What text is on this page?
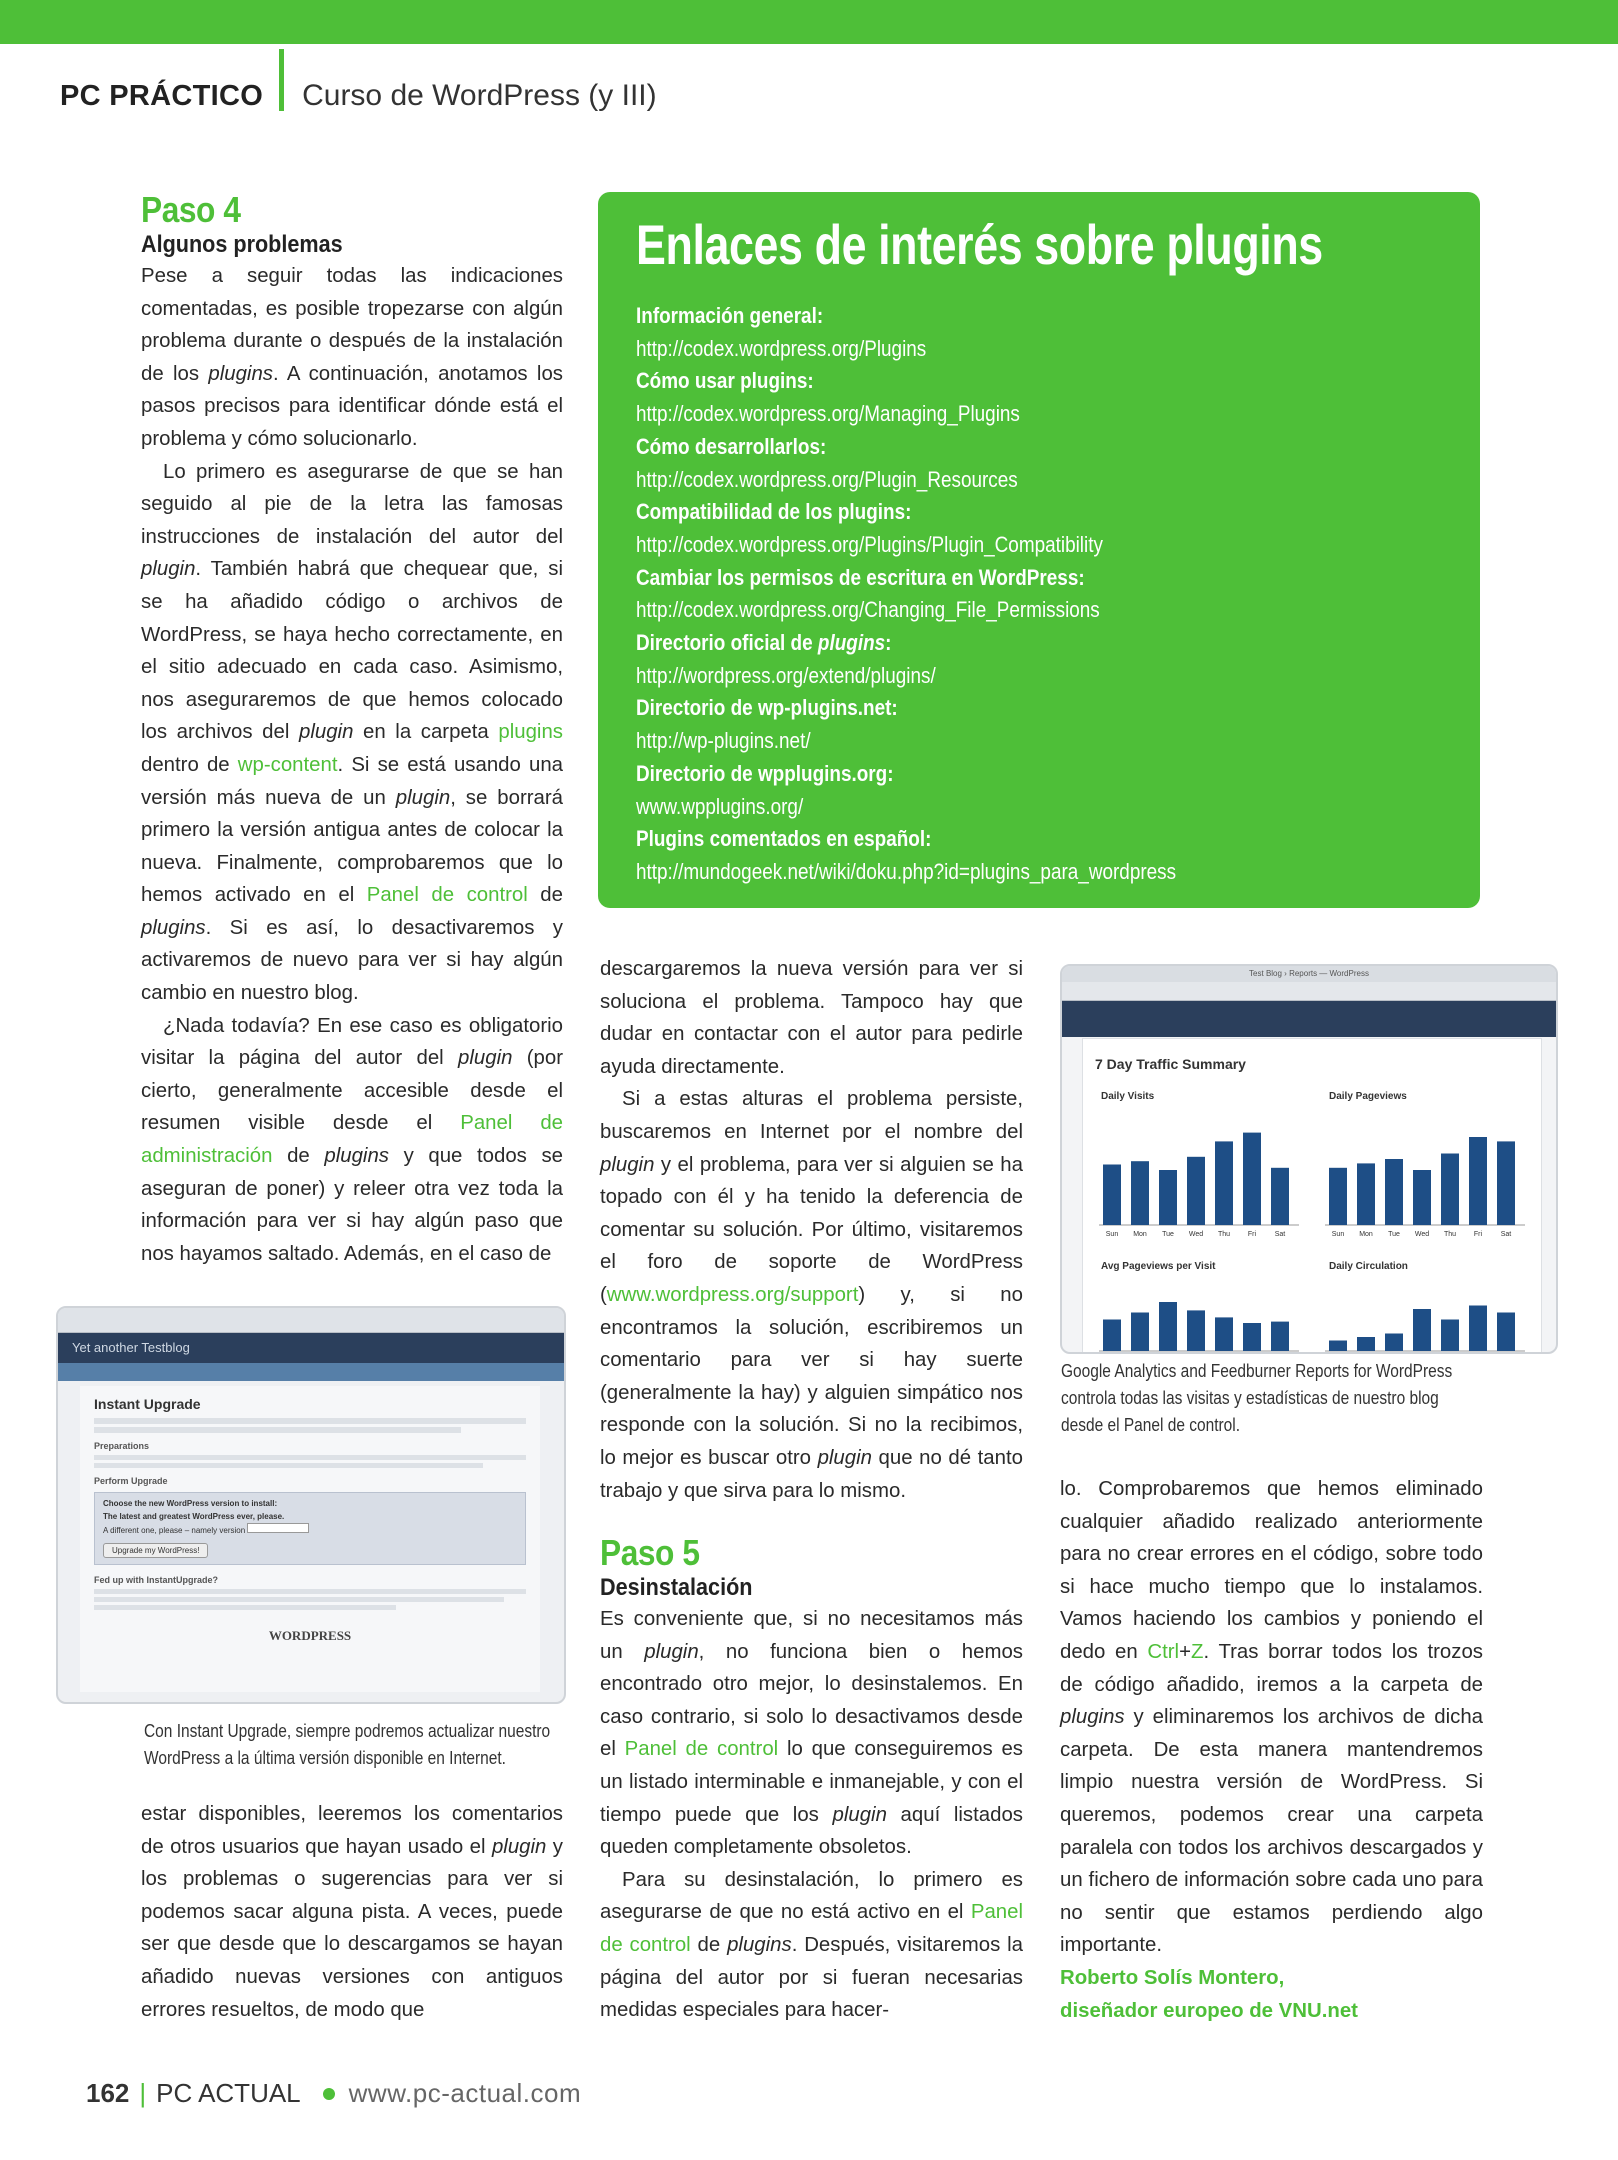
PC PRÁCTICO Curso de WordPress (y III)
Paso 4
Algunos problemas

Pese a seguir todas las indicaciones comentadas, es posible tropezarse con algún problema durante o después de la instalación de los plugins. A continuación, anotamos los pasos precisos para identificar dónde está el problema y cómo solucionarlo.

Lo primero es asegurarse de que se han seguido al pie de la letra las famosas instrucciones de instalación del autor del plugin. También habrá que chequear que, si se ha añadido código o archivos de WordPress, se haya hecho correctamente, en el sitio adecuado en cada caso. Asimismo, nos aseguraremos de que hemos colocado los archivos del plugin en la carpeta plugins dentro de wp-content. Si se está usando una versión más nueva de un plugin, se borrará primero la versión antigua antes de colocar la nueva. Finalmente, comprobaremos que lo hemos activado en el Panel de control de plugins. Si es así, lo desactivaremos y activaremos de nuevo para ver si hay algún cambio en nuestro blog.

¿Nada todavía? En ese caso es obligatorio visitar la página del autor del plugin (por cierto, generalmente accesible desde el resumen visible desde el Panel de administración de plugins y que todos se aseguran de poner) y releer otra vez toda la información para ver si hay algún paso que nos hayamos saltado. Además, en el caso de

Yet another Testblog
Instant Upgrade
Preparations
Perform Upgrade
Choose the new WordPress version to install:
The latest and greatest WordPress ever, please.
A different one, please – namely version
Upgrade my WordPress!
Fed up with InstantUpgrade?
WORDPRESS
Con Instant Upgrade, siempre podremos actualizar nuestro
WordPress a la última versión disponible en Internet.

estar disponibles, leeremos los comentarios de otros usuarios que hayan usado el plugin y los problemas o sugerencias para ver si podemos sacar alguna pista. A veces, puede ser que desde que lo descargamos se hayan añadido nuevas versiones con antiguos errores resueltos, de modo que

Enlaces de interés sobre plugins
Información general:
http://codex.wordpress.org/Plugins
Cómo usar plugins:
http://codex.wordpress.org/Managing_Plugins
Cómo desarrollarlos:
http://codex.wordpress.org/Plugin_Resources
Compatibilidad de los plugins:
http://codex.wordpress.org/Plugins/Plugin_Compatibility
Cambiar los permisos de escritura en WordPress:
http://codex.wordpress.org/Changing_File_Permissions
Directorio oficial de plugins:
http://wordpress.org/extend/plugins/
Directorio de wp-plugins.net:
http://wp-plugins.net/
Directorio de wpplugins.org:
www.wpplugins.org/
Plugins comentados en español:
http://mundogeek.net/wiki/doku.php?id=plugins_para_wordpress

descargaremos la nueva versión para ver si soluciona el problema. Tampoco hay que dudar en contactar con el autor para pedirle ayuda directamente.

Si a estas alturas el problema persiste, buscaremos en Internet por el nombre del plugin y el problema, para ver si alguien se ha topado con él y ha tenido la deferencia de comentar su solución. Por último, visitaremos el foro de soporte de WordPress (www.wordpress.org/support) y, si no encontramos la solución, escribiremos un comentario para ver si hay suerte (generalmente la hay) y alguien simpático nos responde con la solución. Si no la recibimos, lo mejor es buscar otro plugin que no dé tanto trabajo y que sirva para lo mismo.

Paso 5
Desinstalación

Es conveniente que, si no necesitamos más un plugin, no funciona bien o hemos encontrado otro mejor, lo desinstalemos. En caso contrario, si solo lo desactivamos desde el Panel de control lo que conseguiremos es un listado interminable e inmanejable, y con el tiempo puede que los plugin aquí listados queden completamente obsoletos.

Para su desinstalación, lo primero es asegurarse de que no está activo en el Panel de control de plugins. Después, visitaremos la página del autor por si fueran necesarias medidas especiales para hacer-

Test Blog › Reports — WordPress
7 Day Traffic Summary
Daily Visits	Daily Pageviews
Avg Pageviews per Visit	Daily Circulation
Sun Mon Tue Wed Thu	Fri	Sat	Sun Mon Tue Wed Thu	Fri	Sat
Google Analytics and Feedburner Reports for WordPress
controla todas las visitas y estadísticas de nuestro blog
desde el Panel de control.

lo. Comprobaremos que hemos eliminado cualquier añadido realizado anteriormente para no crear errores en el código, sobre todo si hace mucho tiempo que lo instalamos. Vamos haciendo los cambios y poniendo el dedo en Ctrl+Z. Tras borrar todos los trozos de código añadido, iremos a la carpeta de plugins y eliminaremos los archivos de dicha carpeta. De esta manera mantendremos limpio nuestra versión de WordPress. Si queremos, podemos crear una carpeta paralela con todos los archivos descargados y un fichero de información sobre cada uno para no sentir que estamos perdiendo algo importante.

Roberto Solís Montero,
diseñador europeo de VNU.net
162 | PC ACTUAL www.pc-actual.com
